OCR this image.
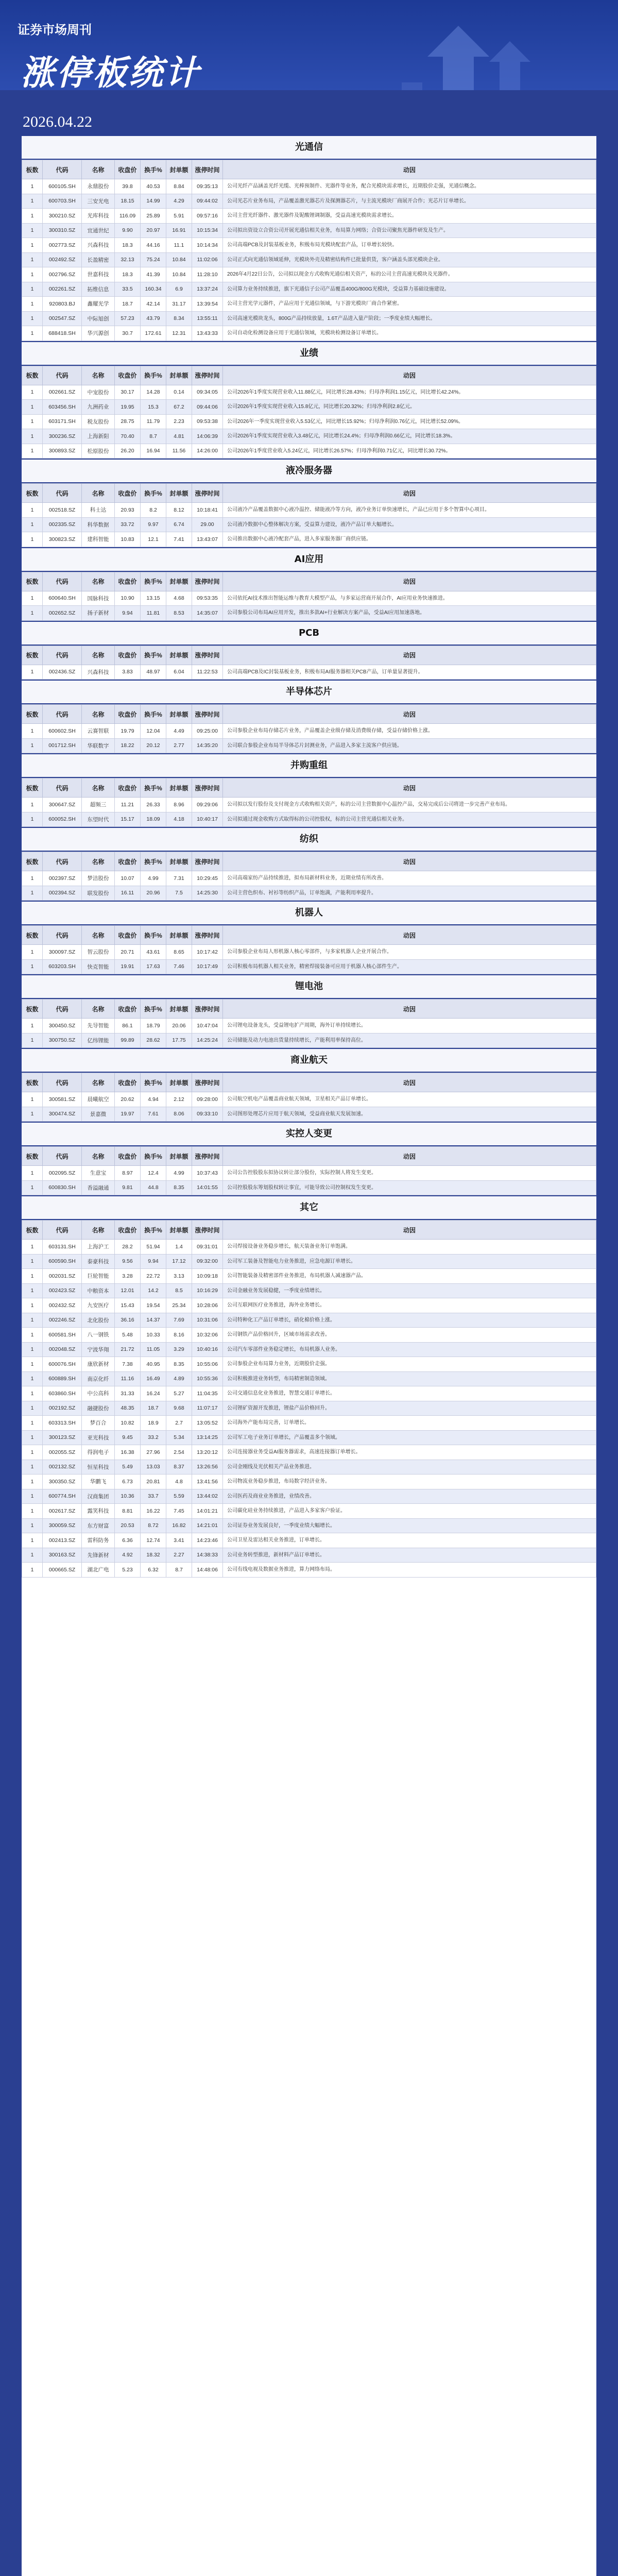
证券市场周刊
涨停板统计
2026.04.22
光通信
板数	代码	名称	收盘价	换手%	封单额	涨停时间	动因
1	600105.SH	永鼎股份	39.8	40.53	8.84	09:35:13	公司光纤产品涵盖光纤光缆、光棒预制件、光器件等业务，配合光模块需求增长，近期股价走强，光通信概念。
1	600703.SH	三安光电	18.15	14.99	4.29	09:44:02	公司光芯片业务布局，产品覆盖激光器芯片及探测器芯片，与主流光模块厂商展开合作；光芯片订单增长。
1	300210.SZ	光库科技	116.09	25.89	5.91	09:57:16	公司主营光纤器件、激光器件及铌酸锂调制器，受益高速光模块需求增长。
1	300310.SZ	宜通世纪	9.90	20.97	16.91	10:15:34	公司拟出资设立合资公司开展光通信相关业务，布局算力网络；合资公司聚焦光器件研发及生产。
1	002773.SZ	兴森科技	18.3	44.16	11.1	10:14:34	公司高端PCB及封装基板业务，积极布局光模块配套产品，订单增长较快。
1	002492.SZ	长盈精密	32.13	75.24	10.84	11:02:06	公司正式向光通信领域延伸，光模块外壳及精密结构件已批量供货，客户涵盖头部光模块企业。
1	002796.SZ	世嘉科技	18.3	41.39	10.84	11:28:10	2026年4月22日公告，公司拟以现金方式收购光通信相关资产，标的公司主营高速光模块及光器件。
1	002261.SZ	拓维信息	33.5	160.34	6.9	13:37:24	公司算力业务持续推进，旗下光通信子公司产品覆盖400G/800G光模块，受益算力基础设施建设。
1	920803.BJ	鑫耀光学	18.7	42.14	31.17	13:39:54	公司主营光学元器件，产品应用于光通信领域，与下游光模块厂商合作紧密。
1	002547.SZ	中际旭创	57.23	43.79	8.34	13:55:11	公司高速光模块龙头，800G产品持续放量，1.6T产品进入量产阶段；一季度业绩大幅增长。
1	688418.SH	华兴源创	30.7	172.61	12.31	13:43:33	公司自动化检测设备应用于光通信领域，光模块检测设备订单增长。
业绩
板数	代码	名称	收盘价	换手%	封单额	涨停时间	动因
1	002661.SZ	中宠股份	30.17	14.28	0.14	09:34:05	公司2026年1季度实现营业收入11.88亿元，同比增长28.43%；归母净利润1.15亿元，同比增长42.24%。
1	603456.SH	九洲药业	19.95	15.3	67.2	09:44:06	公司2026年1季度实现营业收入15.8亿元，同比增长20.32%；归母净利润2.8亿元。
1	603171.SH	税友股份	28.75	11.79	2.23	09:53:38	公司2026年一季度实现营业收入5.53亿元，同比增长15.92%；归母净利润0.76亿元，同比增长52.09%。
1	300236.SZ	上海新阳	70.40	8.7	4.81	14:06:39	公司2026年1季度实现营业收入3.48亿元，同比增长24.4%；归母净利润0.66亿元，同比增长18.3%。
1	300893.SZ	松原股份	26.20	16.94	11.56	14:26:00	公司2026年1季度营业收入5.24亿元，同比增长26.57%；归母净利润0.71亿元，同比增长30.72%。
液冷服务器
板数	代码	名称	收盘价	换手%	封单额	涨停时间	动因
1	002518.SZ	科士达	20.93	8.2	8.12	10:18:41	公司液冷产品覆盖数据中心液冷温控、储能液冷等方向，液冷业务订单快速增长，产品已应用于多个智算中心项目。
1	002335.SZ	科华数据	33.72	9.97	6.74	29.00	公司液冷数据中心整体解决方案，受益算力建设，液冷产品订单大幅增长。
1	300823.SZ	建科智能	10.83	12.1	7.41	13:43:07	公司推出数据中心液冷配套产品，进入多家服务器厂商供应链。
AI应用
板数	代码	名称	收盘价	换手%	封单额	涨停时间	动因
1	600640.SH	国脉科技	10.90	13.15	4.68	09:53:35	公司依托AI技术推出智能运维与教育大模型产品，与多家运营商开展合作，AI应用业务快速推进。
1	002652.SZ	扬子新材	9.94	11.81	8.53	14:35:07	公司参股公司布局AI应用开发，推出多款AI+行业解决方案产品，受益AI应用加速落地。
PCB
板数	代码	名称	收盘价	换手%	封单额	涨停时间	动因
1	002436.SZ	兴森科技	3.83	48.97	6.04	11:22:53	公司高端PCB及IC封装基板业务，积极布局AI服务器相关PCB产品，订单量显著提升。
半导体芯片
板数	代码	名称	收盘价	换手%	封单额	涨停时间	动因
1	600602.SH	云赛智联	19.79	12.04	4.49	09:25:00	公司参股企业布局存储芯片业务，产品覆盖企业级存储及消费级存储，受益存储价格上涨。
1	001712.SH	华联数字	18.22	20.12	2.77	14:35:20	公司联合参股企业布局半导体芯片封测业务，产品进入多家主流客户供应链。
并购重组
板数	代码	名称	收盘价	换手%	封单额	涨停时间	动因
1	300647.SZ	超频三	11.21	26.33	8.96	09:29:06	公司拟以发行股份及支付现金方式收购相关资产，标的公司主营数据中心温控产品，交易完成后公司将进一步完善产业布局。
1	600052.SH	东望时代	15.17	18.09	4.18	10:40:17	公司拟通过现金收购方式取得标的公司控股权，标的公司主营光通信相关业务。
纺织
板数	代码	名称	收盘价	换手%	封单额	涨停时间	动因
1	002397.SZ	梦洁股份	10.07	4.99	7.31	10:29:45	公司高端家纺产品持续推进，拟布局新材料业务，近期业绩有所改善。
1	002394.SZ	联发股份	16.11	20.96	7.5	14:25:30	公司主营色织布、衬衫等纺织产品，订单饱满，产能利用率提升。
机器人
板数	代码	名称	收盘价	换手%	封单额	涨停时间	动因
1	300097.SZ	智云股份	20.71	43.61	8.65	10:17:42	公司参股企业布局人形机器人核心零部件，与多家机器人企业开展合作。
1	603203.SH	快克智能	19.91	17.63	7.46	10:17:49	公司积极布局机器人相关业务，精密焊接装备可应用于机器人核心部件生产。
锂电池
板数	代码	名称	收盘价	换手%	封单额	涨停时间	动因
1	300450.SZ	先导智能	86.1	18.79	20.06	10:47:04	公司锂电设备龙头，受益锂电扩产周期，海外订单持续增长。
1	300750.SZ	亿纬锂能	99.89	28.62	17.75	14:25:24	公司储能及动力电池出货量持续增长，产能利用率保持高位。
商业航天
板数	代码	名称	收盘价	换手%	封单额	涨停时间	动因
1	300581.SZ	晨曦航空	20.62	4.94	2.12	09:28:00	公司航空机电产品覆盖商业航天领域，卫星相关产品订单增长。
1	300474.SZ	景嘉微	19.97	7.61	8.06	09:33:10	公司图形处理芯片应用于航天领域，受益商业航天发展加速。
实控人变更
板数	代码	名称	收盘价	换手%	封单额	涨停时间	动因
1	002095.SZ	生意宝	8.97	12.4	4.99	10:37:43	公司公告控股股东拟协议转让部分股份，实际控制人将发生变更。
1	600830.SH	香溢融通	9.81	44.8	8.35	14:01:55	公司控股股东筹划股权转让事宜，可能导致公司控制权发生变更。
其它
板数	代码	名称	收盘价	换手%	封单额	涨停时间	动因
1	603131.SH	上海沪工	28.2	51.94	1.4	09:31:01	公司焊接设备业务稳步增长，航天装备业务订单饱满。
1	600590.SH	泰豪科技	9.56	9.94	17.12	09:32:00	公司军工装备及智能电力业务推进，应急电源订单增长。
1	002031.SZ	巨轮智能	3.28	22.72	3.13	10:09:18	公司智能装备及精密部件业务推进，布局机器人减速器产品。
1	002423.SZ	中粮资本	12.01	14.2	8.5	10:16:29	公司金融业务发展稳健，一季度业绩增长。
1	002432.SZ	九安医疗	15.43	19.54	25.34	10:28:06	公司互联网医疗业务推进，海外业务增长。
1	002246.SZ	北化股份	36.16	14.37	7.69	10:31:06	公司特种化工产品订单增长，硝化棉价格上涨。
1	600581.SH	八一钢铁	5.48	10.33	8.16	10:32:06	公司钢铁产品价格回升，区域市场需求改善。
1	002048.SZ	宁波华翔	21.72	11.05	3.29	10:40:16	公司汽车零部件业务稳定增长，布局机器人业务。
1	600076.SH	康欣新材	7.38	40.95	8.35	10:55:06	公司参股企业布局算力业务，近期股价走强。
1	600889.SH	南京化纤	11.16	16.49	4.89	10:55:36	公司积极推进业务转型，布局精密制造领域。
1	603860.SH	中公高科	31.33	16.24	5.27	11:04:35	公司交通信息化业务推进，智慧交通订单增长。
1	002192.SZ	融捷股份	48.35	18.7	9.68	11:07:17	公司锂矿资源开发推进，锂盐产品价格回升。
1	603313.SH	梦百合	10.82	18.9	2.7	13:05:52	公司海外产能布局完善，订单增长。
1	300123.SZ	亚光科技	9.45	33.2	5.34	13:14:25	公司军工电子业务订单增长，产品覆盖多个领域。
1	002055.SZ	得润电子	16.38	27.96	2.54	13:20:12	公司连接器业务受益AI服务器需求，高速连接器订单增长。
1	002132.SZ	恒星科技	5.49	13.03	8.37	13:26:56	公司金刚线及光伏相关产品业务推进。
1	300350.SZ	华鹏飞	6.73	20.81	4.8	13:41:56	公司物流业务稳步推进，布局数字经济业务。
1	600774.SH	汉商集团	10.36	33.7	5.59	13:44:02	公司医药及商业业务推进，业绩改善。
1	002617.SZ	露笑科技	8.81	16.22	7.45	14:01:21	公司碳化硅业务持续推进，产品进入多家客户验证。
1	300059.SZ	东方财富	20.53	8.72	16.82	14:21:01	公司证券业务发展良好，一季度业绩大幅增长。
1	002413.SZ	雷科防务	6.36	12.74	3.41	14:23:46	公司卫星及雷达相关业务推进，订单增长。
1	300163.SZ	先锋新材	4.92	18.32	2.27	14:38:33	公司业务转型推进，新材料产品订单增长。
1	000665.SZ	湖北广电	5.23	6.32	8.7	14:48:06	公司有线电视及数据业务推进，算力网络布局。
